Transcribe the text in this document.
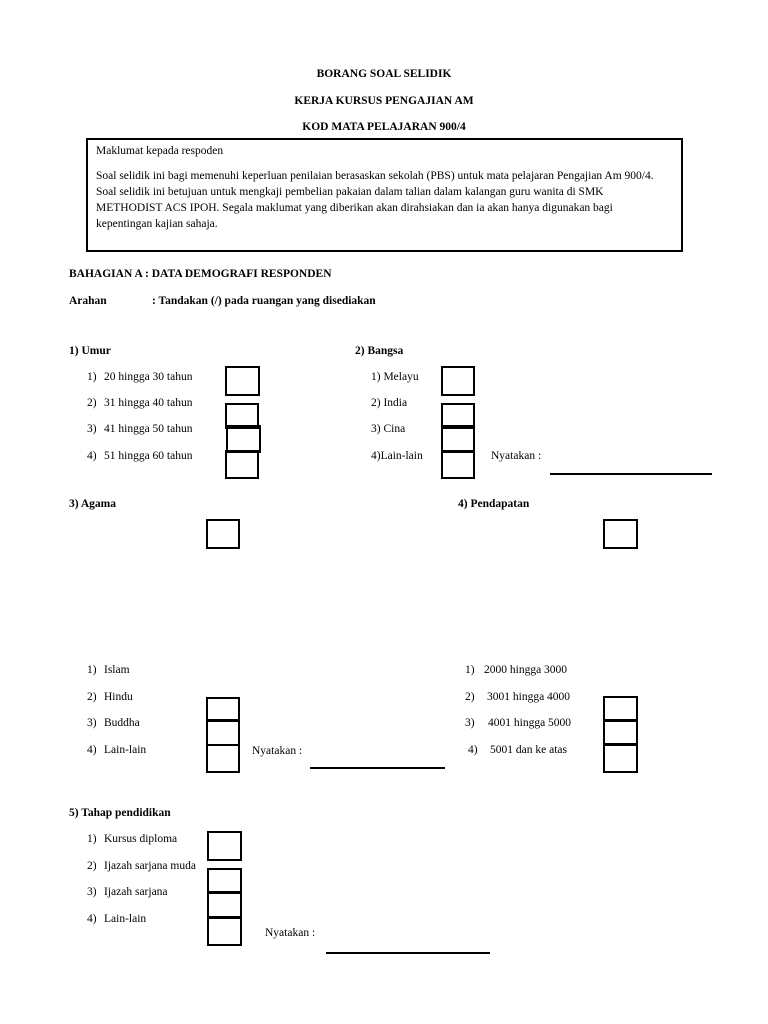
BORANG SOAL SELIDIK
KERJA KURSUS PENGAJIAN AM
KOD MATA PELAJARAN 900/4
Maklumat kepada respoden
Soal selidik ini bagi memenuhi keperluan penilaian berasaskan sekolah (PBS) untuk mata pelajaran Pengajian Am 900/4.
Soal selidik ini betujuan untuk mengkaji pembelian pakaian dalam talian dalam kalangan guru wanita di SMK
METHODIST ACS IPOH. Segala maklumat yang diberikan akan dirahsiakan dan ia akan hanya digunakan bagi
kepentingan kajian sahaja.
BAHAGIAN A : DATA DEMOGRAFI RESPONDEN
Arahan	: Tandakan (/) pada ruangan yang disediakan
1) Umur
1) 20 hingga 30 tahun
2) 31 hingga 40 tahun
3) 41 hingga 50 tahun
4) 51 hingga 60 tahun
2) Bangsa
1) Melayu
2) India
3) Cina
4)Lain-lain	Nyatakan :
3) Agama
1) Islam
2) Hindu
3) Buddha
4) Lain-lain	Nyatakan :
4) Pendapatan
1) 2000 hingga 3000
2) 3001 hingga 4000
3) 4001 hingga 5000
4) 5001 dan ke atas
5) Tahap pendidikan
1) Kursus diploma
2) Ijazah sarjana muda
3) Ijazah sarjana
4) Lain-lain
Nyatakan :
